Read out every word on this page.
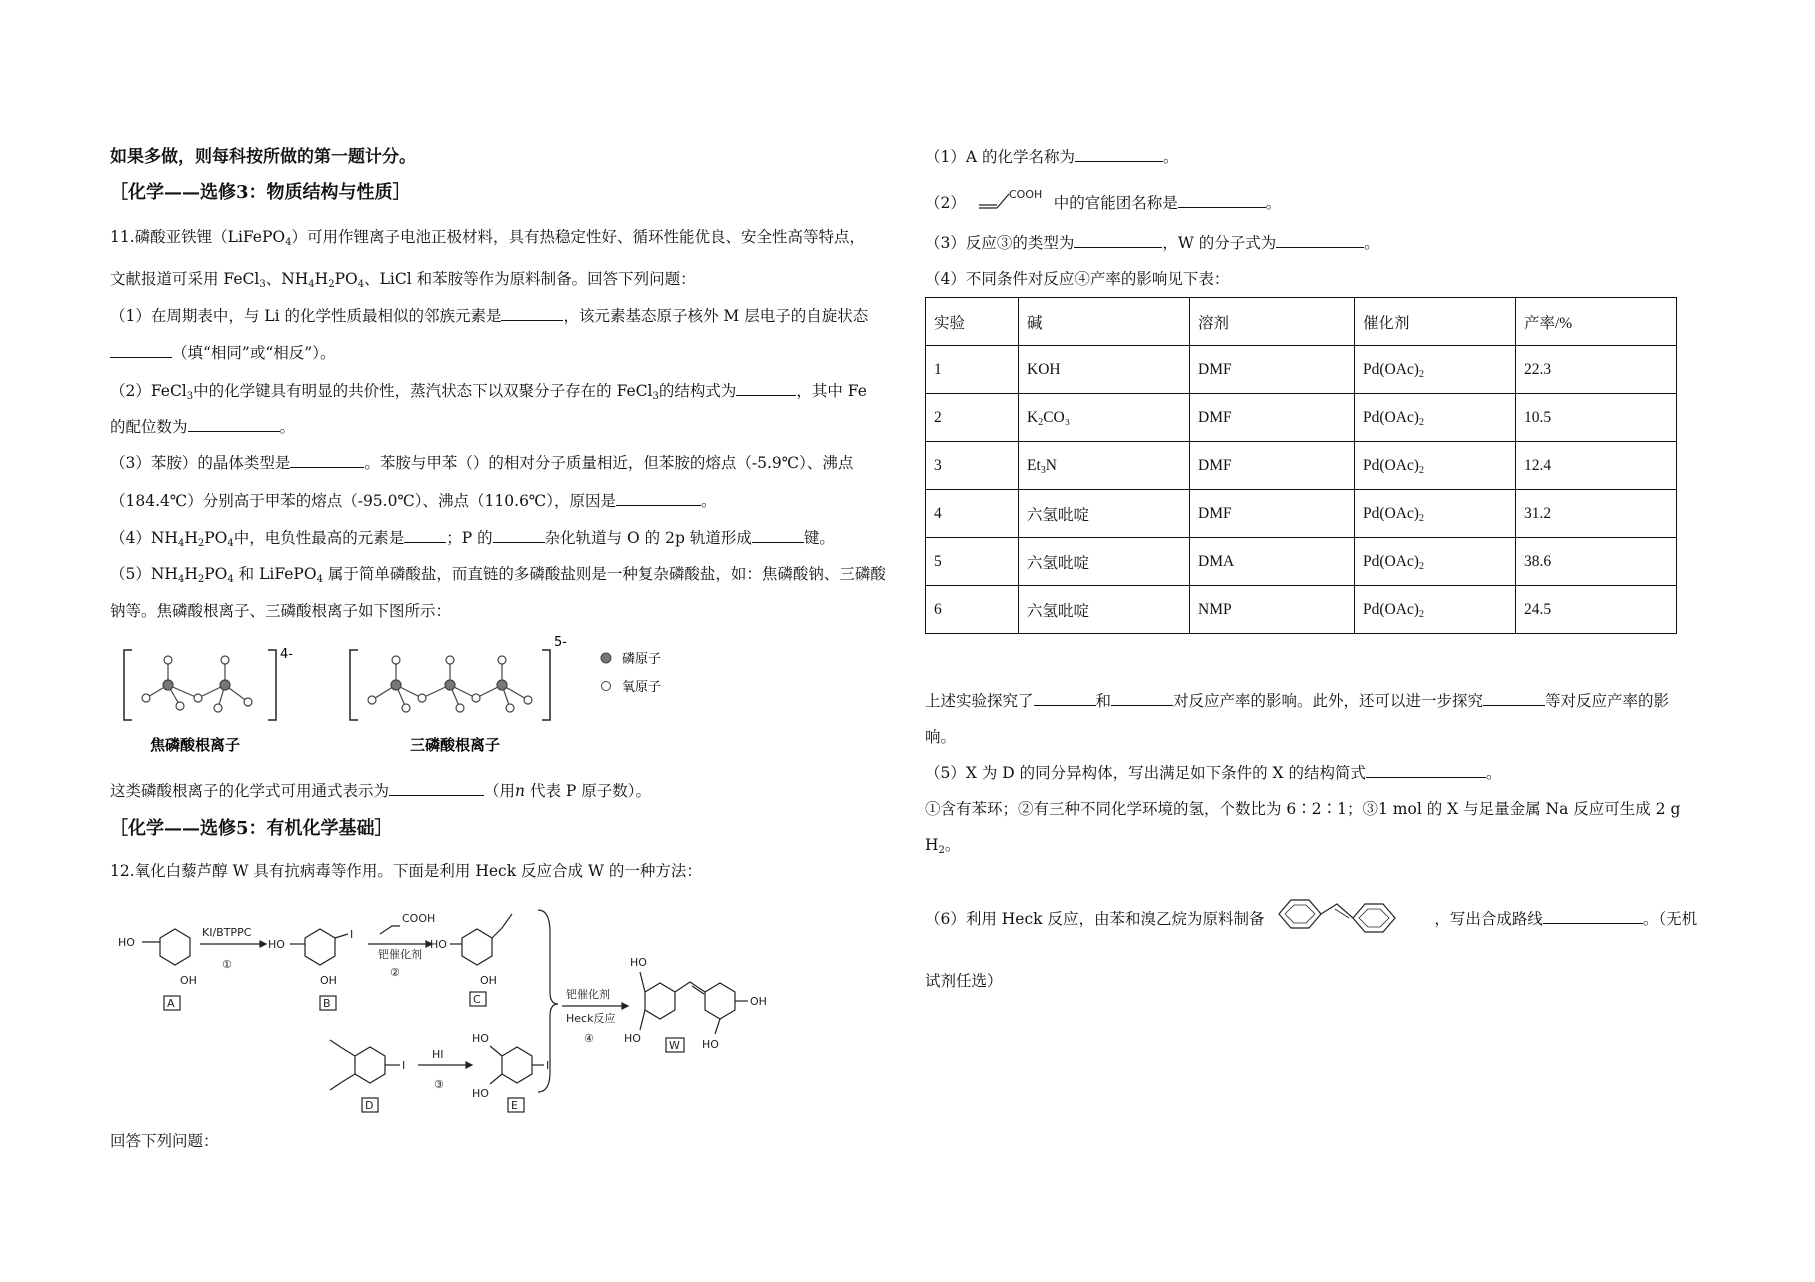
如果多做，则每科按所做的第一题计分。
［化学——选修3：物质结构与性质］
11.磷酸亚铁锂（LiFePO$_4$）可用作锂离子电池正极材料，具有热稳定性好、循环性能优良、安全性高等特点，
文献报道可采用 FeCl$_3$、$NH_4H_2PO_4$、LiCl 和苯胺等作为原料制备。回答下列问题：
（1）在周期表中，与 Li 的化学性质最相似的邻族元素是	，该元素基态原子核外 M 层电子的自旋状态
（填“相同”或“相反”）。
（2）FeCl$_3$中的化学键具有明显的共价性，蒸汽状态下以双聚分子存在的 FeCl$_3$的结构式为	，其中 Fe
的配位数为	。
（3）苯胺）的晶体类型是	。苯胺与甲苯（）的相对分子质量相近，但苯胺的熔点（-5.9℃）、沸点
（184.4℃）分别高于甲苯的熔点（-95.0℃）、沸点（110.6℃），原因是	。
$(4)NH_4H_2PO_4$中，电负性最高的元素是	；P 的	杂化轨道与 O 的 2p 轨道形成	键。
$(5)NH_4H_2PO_4$ 和 LiFePO$_4$ 属于简单磷酸盐，而直链的多磷酸盐则是一种复杂磷酸盐，如：焦磷酸钠、三磷酸
钠等。焦磷酸根离子、三磷酸根离子如下图所示：
4-
焦磷酸根离子
5-
三磷酸根离子
磷原子
氧原子
这类磷酸根离子的化学式可用通式表示为	（用n 代表 P 原子数）。
［化学——选修5：有机化学基础］
12.氧化白藜芦醇 W 具有抗病毒等作用。下面是利用 Heck 反应合成 W 的一种方法：
HO
OH
A
KI/BTPPC
①
HO
I
OH
B
COOH
钯催化剂
②
HO
OH
C	钯催化剂
Heck反应
④
HO
HO
OH
HO
W
I
D
HI
③
HO
HO
I
E
回答下列问题：
（1）A 的化学名称为	。
（2）	COOH 中的官能团名称是	。
（3）反应③的类型为	，W 的分子式为	。
（4）不同条件对反应④产率的影响见下表：
实验	碱	溶剂	催化剂	产率/%
1	KOH	DMF	$Pd(OAc)_2$	22.3
2	$K_2CO_3$	DMF	$Pd(OAc)_2$	10.5
3	$Et_3N$	DMF	$Pd(OAc)_2$	12.4
4	六氢吡啶	DMF	$Pd(OAc)_2$	31.2
5	六氢吡啶	DMA	$Pd(OAc)_2$	38.6
6	六氢吡啶	NMP	$Pd(OAc)_2$	24.5
上述实验探究了	和	对反应产率的影响。此外，还可以进一步探究	等对反应产率的影
响。
（5）X 为 D 的同分异构体，写出满足如下条件的 X 的结构简式	。
①含有苯环；②有三种不同化学环境的氢，个数比为 6∶2∶1；③1 mol 的 X 与足量金属 Na 反应可生成 2 g
$H_2$。
（6）利用 Heck 反应，由苯和溴乙烷为原料制备	，写出合成路线	。（无机
试剂任选）
